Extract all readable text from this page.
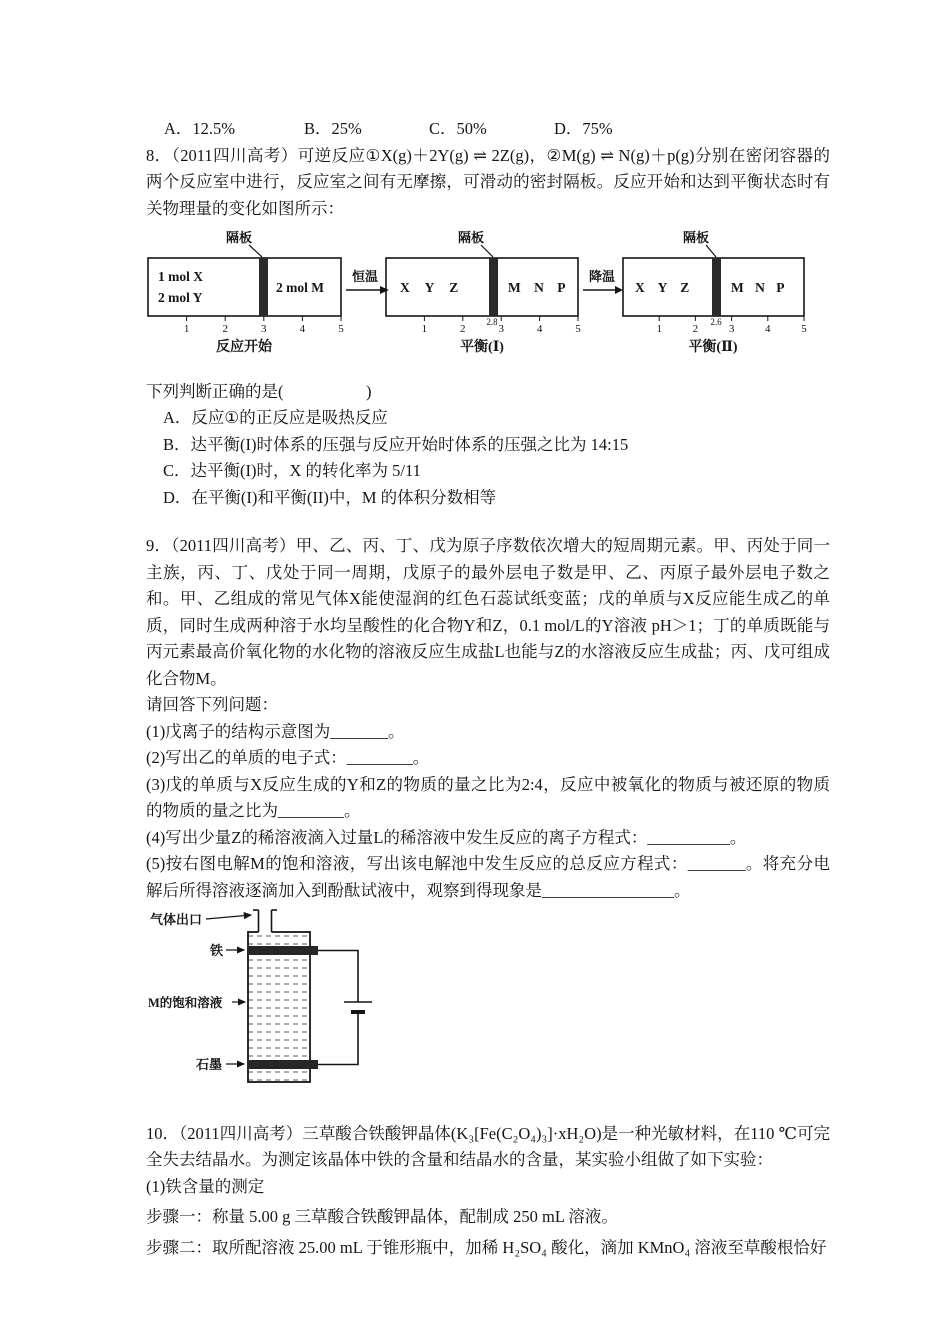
A．12.5%	B．25%	C．50%	D．75%

8．（2011四川高考）可逆反应①X(g)＋2Y(g) ⇌ 2Z(g)，②M(g) ⇌ N(g)＋p(g)分别在密闭容器的两个反应室中进行，反应室之间有无摩擦，可滑动的密封隔板。反应开始和达到平衡状态时有关物理量的变化如图所示：

隔板	隔板	隔板
1 mol X
2 mol Y
2 mol M
1	2	3	4	5
反应开始
恒温
X Y Z	M N P
1	2	3	4	5
2.8
平衡(Ⅰ)
降温
X Y Z	M N P
1	2	3	4	5
2.6
平衡(Ⅱ)

下列判断正确的是(　　　　　)

A．反应①的正反应是吸热反应

B．达平衡(I)时体系的压强与反应开始时体系的压强之比为 14:15

C．达平衡(I)时，X 的转化率为 5/11

D．在平衡(I)和平衡(II)中，M 的体积分数相等

9．（2011四川高考）甲、乙、丙、丁、戊为原子序数依次增大的短周期元素。甲、丙处于同一主族，丙、丁、戊处于同一周期，戊原子的最外层电子数是甲、乙、丙原子最外层电子数之和。甲、乙组成的常见气体X能使湿润的红色石蕊试纸变蓝；戊的单质与X反应能生成乙的单质，同时生成两种溶于水均呈酸性的化合物Y和Z，0.1 mol/L的Y溶液 pH＞1；丁的单质既能与丙元素最高价氧化物的水化物的溶液反应生成盐L也能与Z的水溶液反应生成盐；丙、戊可组成化合物M。

请回答下列问题：

(1)戊离子的结构示意图为_______。

(2)写出乙的单质的电子式：________。

(3)戊的单质与X反应生成的Y和Z的物质的量之比为2:4，反应中被氧化的物质与被还原的物质的物质的量之比为________。

(4)写出少量Z的稀溶液滴入过量L的稀溶液中发生反应的离子方程式：__________。

(5)按右图电解M的饱和溶液，写出该电解池中发生反应的总反应方程式：_______。将充分电解后所得溶液逐滴加入到酚酞试液中，观察到得现象是________________。

气体出口
铁
M的饱和溶液
石墨

10．（2011四川高考）三草酸合铁酸钾晶体(K₃[Fe(C₂O₄)₃]·xH₂O)是一种光敏材料，在110 ℃可完全失去结晶水。为测定该晶体中铁的含量和结晶水的含量，某实验小组做了如下实验：

(1)铁含量的测定

步骤一：称量 5.00 g 三草酸合铁酸钾晶体，配制成 250 mL 溶液。

步骤二：取所配溶液 25.00 mL 于锥形瓶中，加稀 H₂SO₄ 酸化，滴加 KMnO₄ 溶液至草酸根恰好
